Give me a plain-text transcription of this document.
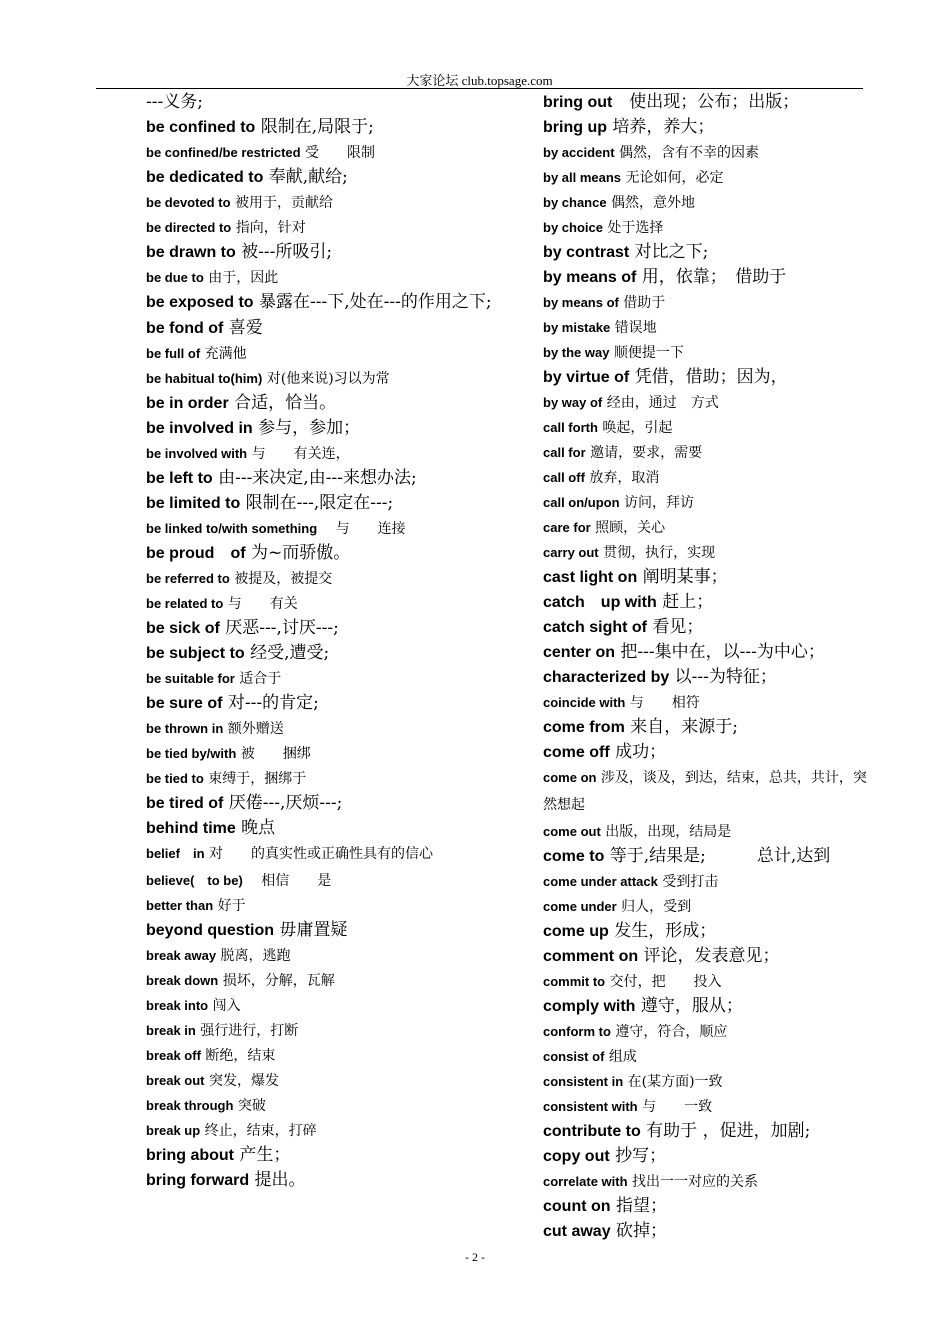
大家论坛 club.topsage.com
---义务;
be confined to 限制在,局限于;
be confined/be restricted 受　　限制
be dedicated to 奉献,献给;
be devoted to 被用于，贡献给
be directed to 指向，针对
be drawn to 被---所吸引;
be due to 由于，因此
be exposed to 暴露在---下,处在---的作用之下;
be fond of 喜爱
be full of 充满他
be habitual to(him) 对(他来说)习以为常
be in order 合适，恰当。
be involved in 参与，参加；
be involved with 与　　有关连，
be left to 由---来决定,由---来想办法;
be limited to 限制在---,限定在---;
be linked to/with something 　与　　连接
be proud　of 为~而骄傲。
be referred to 被提及，被提交
be related to 与　　有关
be sick of 厌恶---,讨厌---;
be subject to 经受,遭受;
be suitable for 适合于
be sure of 对---的肯定;
be thrown in 额外赠送
be tied by/with 被　　捆绑
be tied to 束缚于，捆绑于
be tired of 厌倦---,厌烦---;
behind time 晚点
belief　in 对　　的真实性或正确性具有的信心
believe(　to be) 　相信　　是
better than 好于
beyond question 毋庸置疑
break away 脱离，逃跑
break down 损坏，分解，瓦解
break into 闯入
break in 强行进行，打断
break off 断绝，结束
break out 突发，爆发
break through 突破
break up 终止，结束，打碎
bring about 产生；
bring forward 提出。
bring out　使出现；公布；出版；
bring up 培养，养大；
by accident 偶然，含有不幸的因素
by all means 无论如何，必定
by chance 偶然，意外地
by choice 处于选择
by contrast 对比之下;
by means of 用，依靠；　借助于
by means of 借助于
by mistake 错误地
by the way 顺便提一下
by virtue of 凭借，借助；因为，
by way of 经由，通过　方式
call forth 唤起，引起
call for 邀请，要求，需要
call off 放弃，取消
call on/upon 访问，拜访
care for 照顾，关心
carry out 贯彻，执行，实现
cast light on 阐明某事；
catch　up with 赶上；
catch sight of 看见；
center on 把---集中在，以---为中心；
characterized by 以---为特征；
coincide with 与　　相符
come from 来自，来源于;
come off 成功；
come on 涉及，谈及，到达，结束，总共，共计，突然想起
come out 出版，出现，结局是
come to 等于,结果是;　　　总计,达到
come under attack 受到打击
come under 归人，受到
come up 发生，形成；
comment on 评论，发表意见；
commit to 交付，把　　投入
comply with 遵守，服从；
conform to 遵守，符合，顺应
consist of 组成
consistent in 在(某方面)一致
consistent with 与　　一致
contribute to 有助于 ，促进，加剧;
copy out 抄写；
correlate with 找出一一对应的关系
count on 指望；
cut away 砍掉；
- 2 -
